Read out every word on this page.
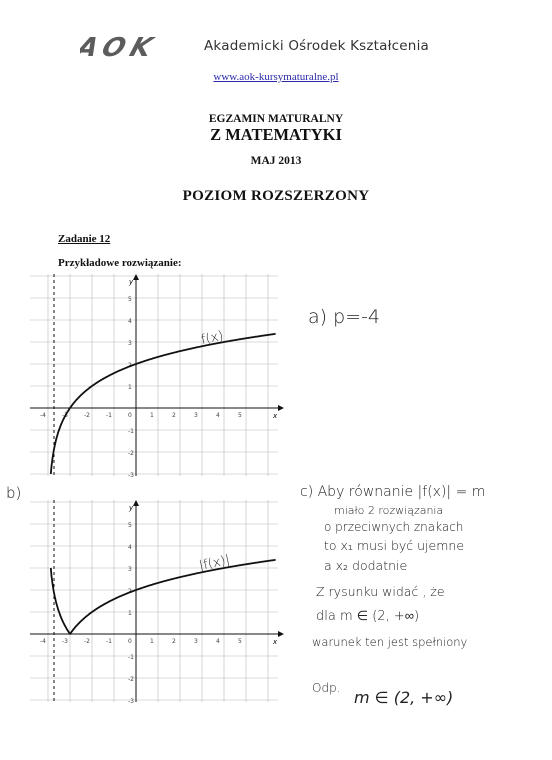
AOK	Akademicki Ośrodek Kształcenia
www.aok-kursymaturalne.pl
EGZAMIN MATURALNY
Z MATEMATYKI
MAJ 2013
POZIOM ROZSZERZONY
Zadanie 12
Przykładowe rozwiązanie:
x
y
-4	-3	-2	-1	0	1	2	3	4	5
5
4
3
2
1
-1
-2
-3
f(x)
x
y
-4	-3	-2	-1	0	1	2	3	4	5
5
4
3
2
1
-1
-2
-3
|f(x)|
a) p=-4
b)	c) Aby równanie |f(x)| = m
miało 2 rozwiązania
o przeciwnych znakach
to x₁ musi być ujemne
a x₂ dodatnie
Z rysunku widać , że
dla m ∈ (2, +∞)
warunek ten jest spełniony
Odp. m ∈ (2, +∞)
